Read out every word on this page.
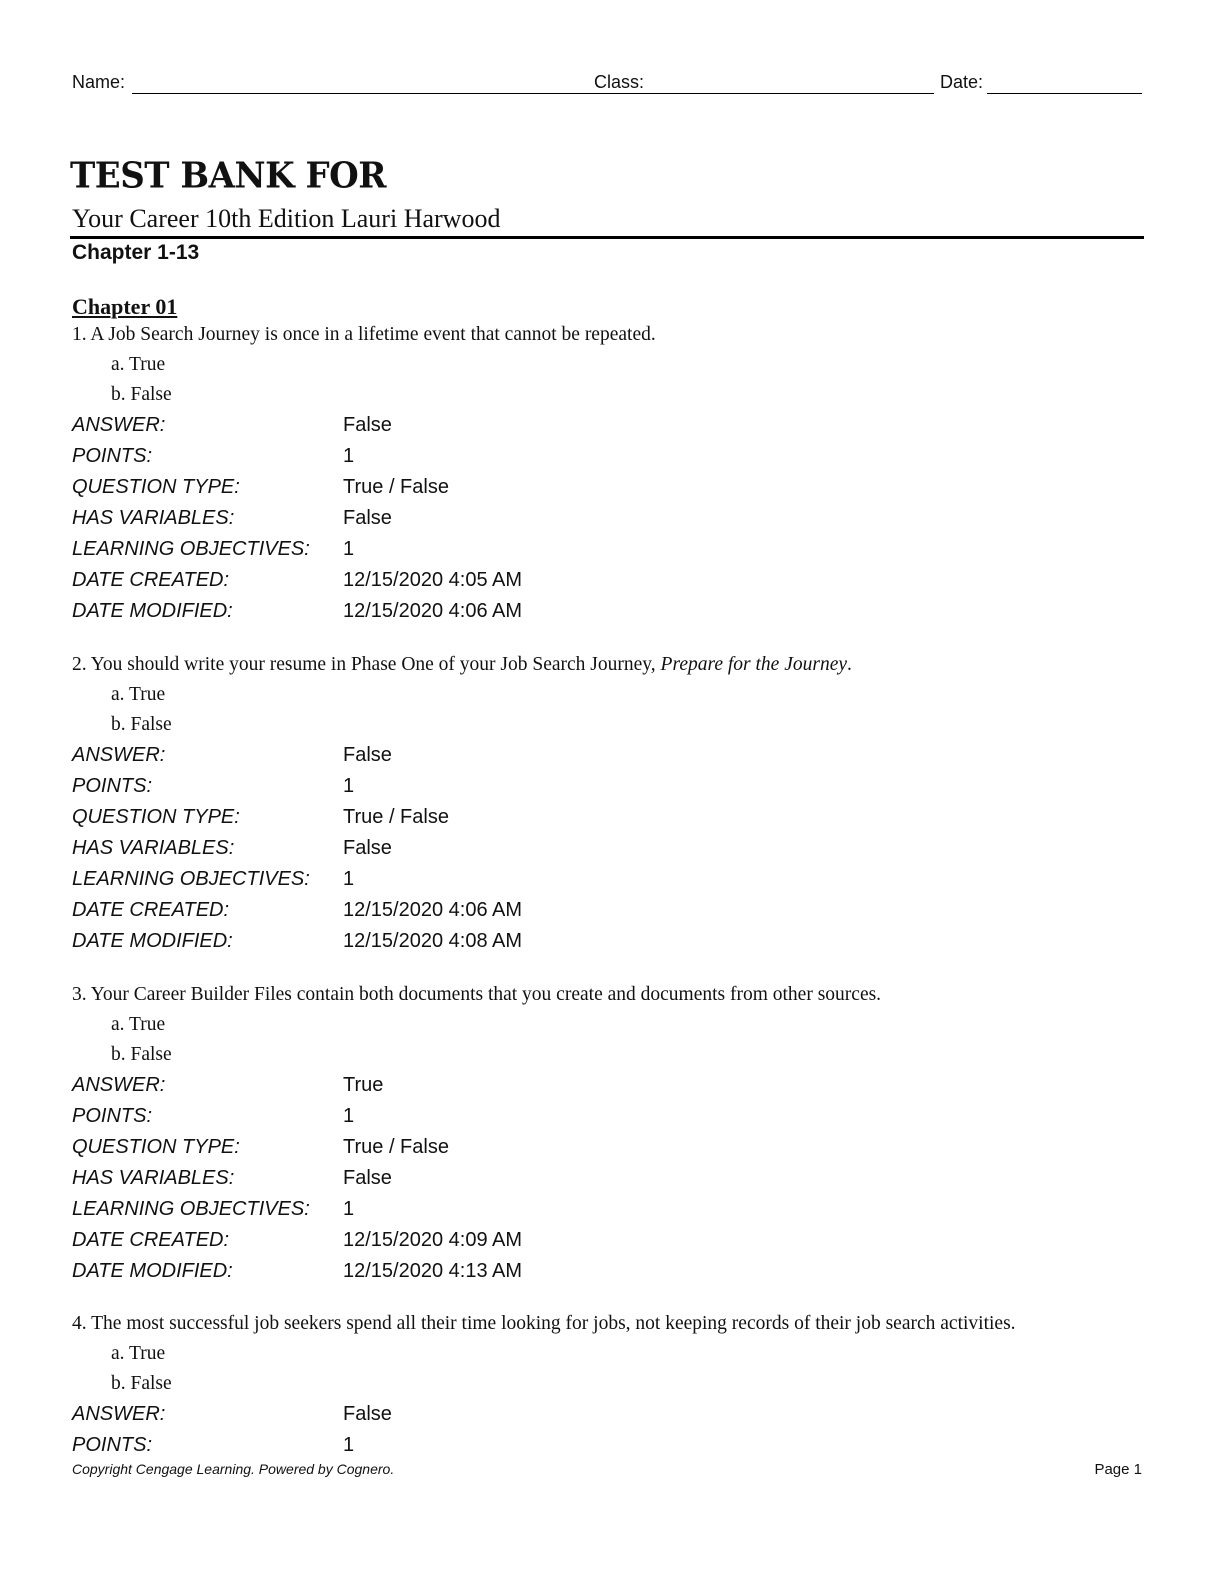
Name:	Class:	Date:
TEST BANK FOR
Your Career 10th Edition Lauri Harwood
Chapter 1-13
Chapter 01
1. A Job Search Journey is once in a lifetime event that cannot be repeated.
a. True
b. False
ANSWER:	False
POINTS:	1
QUESTION TYPE:	True / False
HAS VARIABLES:	False
LEARNING OBJECTIVES: 1
DATE CREATED:	12/15/2020 4:05 AM
DATE MODIFIED:	12/15/2020 4:06 AM
2. You should write your resume in Phase One of your Job Search Journey, Prepare for the Journey.
a. True
b. False
ANSWER:	False
POINTS:	1
QUESTION TYPE:	True / False
HAS VARIABLES:	False
LEARNING OBJECTIVES: 1
DATE CREATED:	12/15/2020 4:06 AM
DATE MODIFIED:	12/15/2020 4:08 AM
3. Your Career Builder Files contain both documents that you create and documents from other sources.
a. True
b. False
ANSWER:	True
POINTS:	1
QUESTION TYPE:	True / False
HAS VARIABLES:	False
LEARNING OBJECTIVES: 1
DATE CREATED:	12/15/2020 4:09 AM
DATE MODIFIED:	12/15/2020 4:13 AM
4. The most successful job seekers spend all their time looking for jobs, not keeping records of their job search activities.
a. True
b. False
ANSWER:	False
POINTS:	1
Copyright Cengage Learning. Powered by Cognero.	Page 1
